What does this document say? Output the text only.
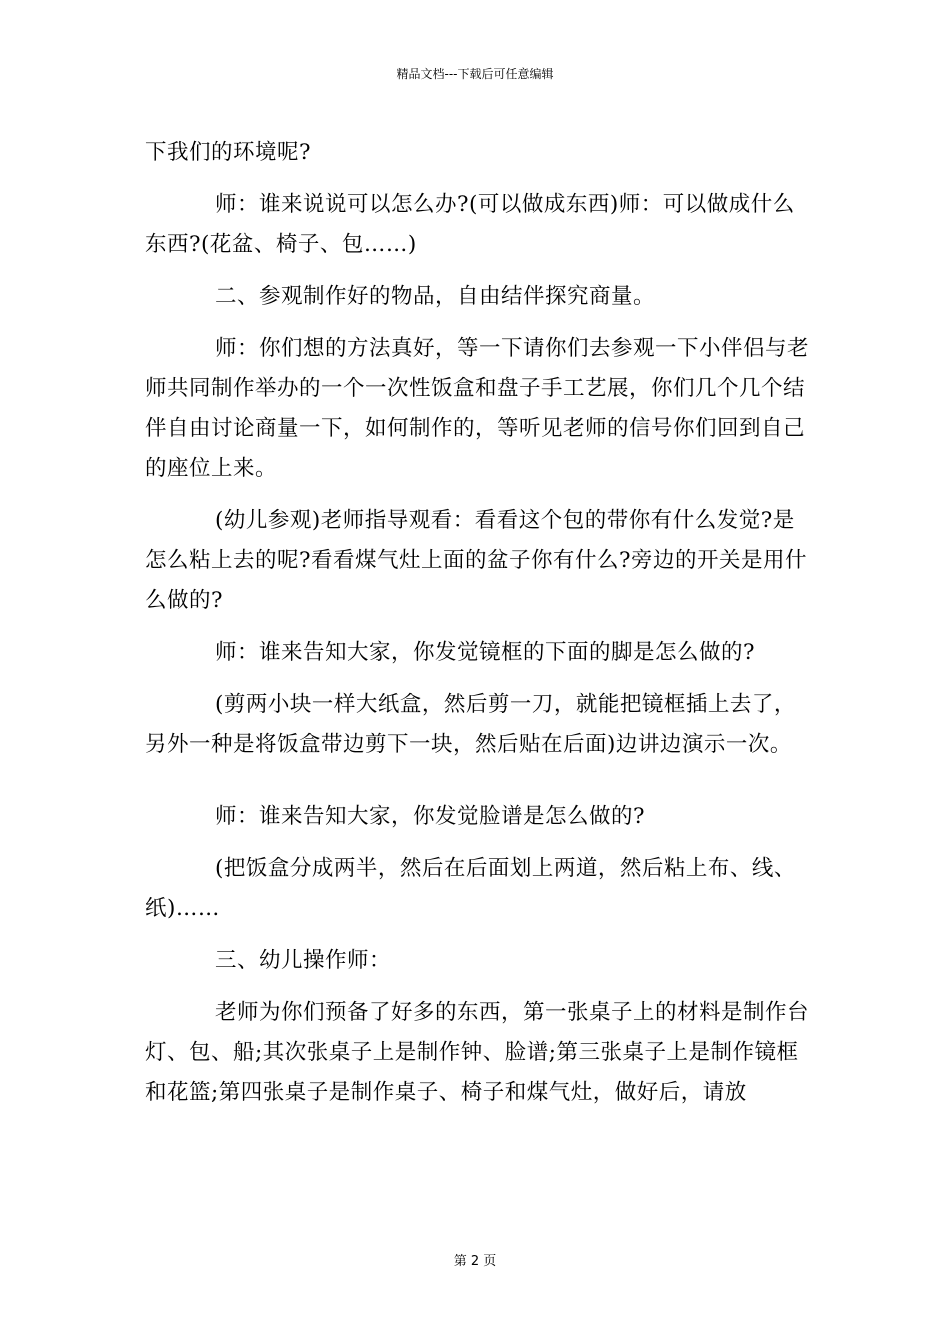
精品文档---下载后可任意编辑

下我们的环境呢?

师：谁来说说可以怎么办?(可以做成东西)师：可以做成什么东西?(花盆、椅子、包……)

二、参观制作好的物品，自由结伴探究商量。

师：你们想的方法真好，等一下请你们去参观一下小伴侣与老师共同制作举办的一个一次性饭盒和盘子手工艺展，你们几个几个结伴自由讨论商量一下，如何制作的，等听见老师的信号你们回到自己的座位上来。

(幼儿参观)老师指导观看：看看这个包的带你有什么发觉?是怎么粘上去的呢?看看煤气灶上面的盆子你有什么?旁边的开关是用什么做的?

师：谁来告知大家，你发觉镜框的下面的脚是怎么做的?

(剪两小块一样大纸盒，然后剪一刀，就能把镜框插上去了，另外一种是将饭盒带边剪下一块，然后贴在后面)边讲边演示一次。

师：谁来告知大家，你发觉脸谱是怎么做的?

(把饭盒分成两半，然后在后面划上两道，然后粘上布、线、纸)……

三、幼儿操作师：

老师为你们预备了好多的东西，第一张桌子上的材料是制作台灯、包、船;其次张桌子上是制作钟、脸谱;第三张桌子上是制作镜框和花篮;第四张桌子是制作桌子、椅子和煤气灶，做好后，请放

第 2 页
